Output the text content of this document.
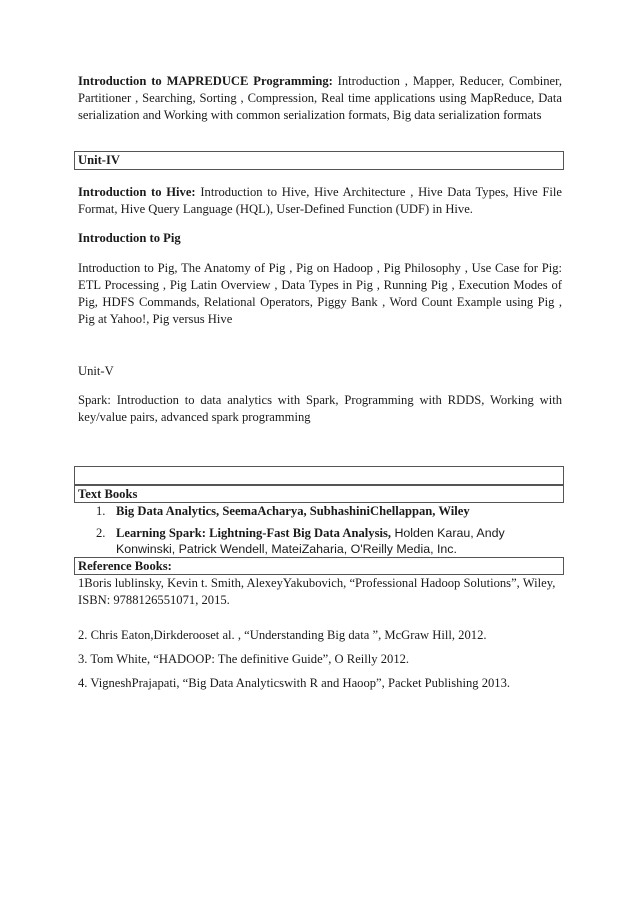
Introduction to MAPREDUCE Programming: Introduction , Mapper, Reducer, Combiner, Partitioner , Searching, Sorting , Compression, Real time applications using MapReduce, Data serialization and Working with common serialization formats, Big data serialization formats
Unit-IV
Introduction to Hive: Introduction to Hive, Hive Architecture , Hive Data Types, Hive File Format, Hive Query Language (HQL), User-Defined Function (UDF) in Hive.
Introduction to Pig
Introduction to Pig, The Anatomy of Pig , Pig on Hadoop , Pig Philosophy , Use Case for Pig: ETL Processing , Pig Latin Overview , Data Types in Pig , Running Pig , Execution Modes of Pig, HDFS Commands, Relational Operators, Piggy Bank , Word Count Example using Pig , Pig at Yahoo!, Pig versus Hive
Unit-V
Spark: Introduction to data analytics with Spark, Programming with RDDS, Working with key/value pairs, advanced spark programming
Text Books
1. Big Data Analytics, SeemaAcharya, SubhashiniChellappan, Wiley
2. Learning Spark: Lightning-Fast Big Data Analysis, Holden Karau, Andy Konwinski, Patrick Wendell, MateiZaharia, O'Reilly Media, Inc.
Reference Books:
1Boris lublinsky, Kevin t. Smith, AlexeyYakubovich, “Professional Hadoop Solutions”, Wiley, ISBN: 9788126551071, 2015.
2. Chris Eaton,Dirkderooset al. , “Understanding Big data ”, McGraw Hill, 2012.
3. Tom White, “HADOOP: The definitive Guide”, O Reilly 2012.
4. VigneshPrajapati, “Big Data Analyticswith R and Haoop”, Packet Publishing 2013.
